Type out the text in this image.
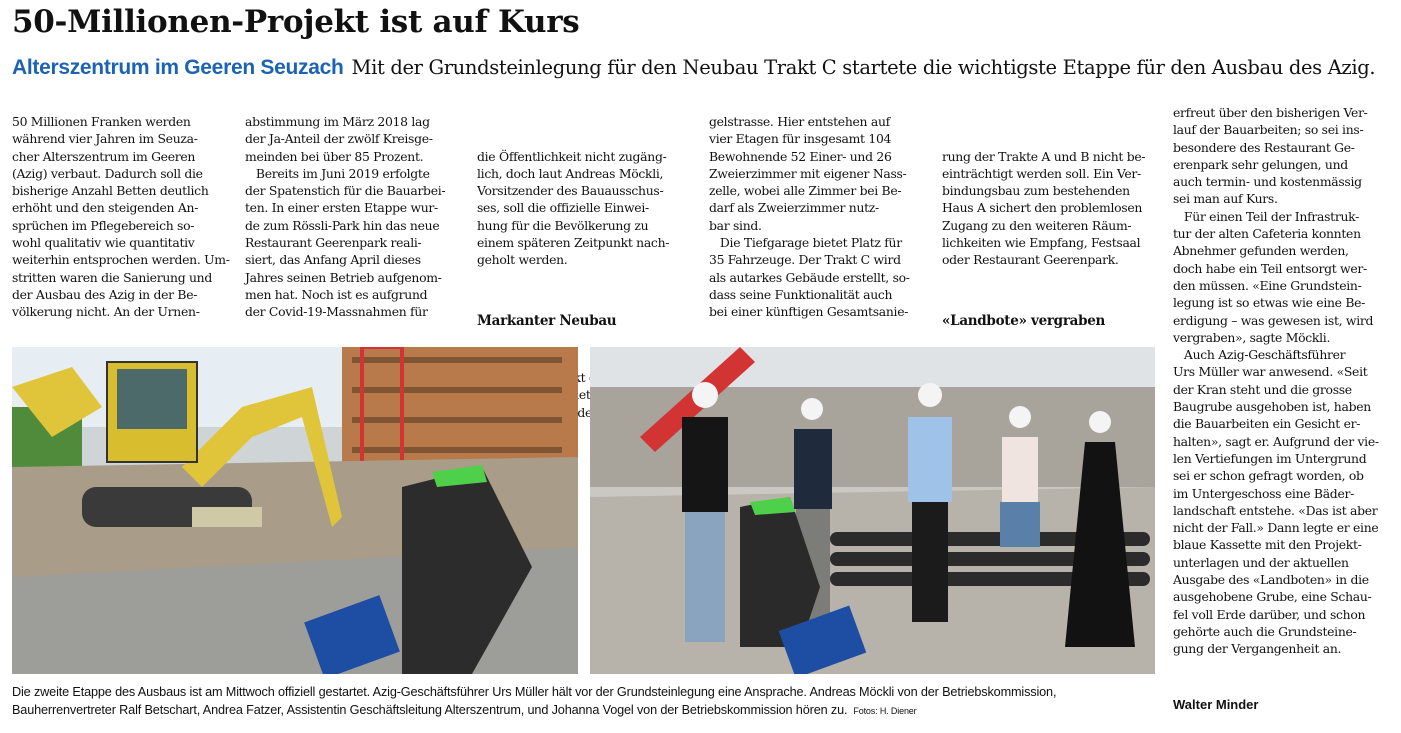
50-Millionen-Projekt ist auf Kurs
Alterszentrum im Geeren Seuzach Mit der Grundsteinlegung für den Neubau Trakt C startete die wichtigste Etappe für den Ausbau des Azig.

50 Millionen Franken werden
während vier Jahren im Seuza-
cher Alterszentrum im Geeren
(Azig) verbaut. Dadurch soll die
bisherige Anzahl Betten deutlich
erhöht und den steigenden An-
sprüchen im Pflegebereich so-
wohl qualitativ wie quantitativ
weiterhin entsprochen werden. Um-
stritten waren die Sanierung und
der Ausbau des Azig in der Be-
völkerung nicht. An der Urnen-

abstimmung im März 2018 lag
der Ja-Anteil der zwölf Kreisge-
meinden bei über 85 Prozent.
Bereits im Juni 2019 erfolgte
der Spatenstich für die Bauarbei-
ten. In einer ersten Etappe wur-
de zum Rössli-Park hin das neue
Restaurant Geerenpark reali-
siert, das Anfang April dieses
Jahres seinen Betrieb aufgenom-
men hat. Noch ist es aufgrund
der Covid-19-Massnahmen für

die Öffentlichkeit nicht zugäng-
lich, doch laut Andreas Möckli,
Vorsitzender des Bauausschus-
ses, soll die offizielle Einwei-
hung für die Bevölkerung zu
einem späteren Zeitpunkt nach-
geholt werden.

Markanter Neubau

der

gelstrasse. Hier entstehen auf
vier Etagen für insgesamt 104
Bewohnende 52 Einer- und 26
Zweierzimmer mit eigener Nass-
zelle, wobei alle Zimmer bei Be-
darf als Zweierzimmer nutz-
bar sind.
Die Tiefgarage bietet Platz für
35 Fahrzeuge. Der Trakt C wird
als autarkes Gebäude erstellt, so-
dass seine Funktionalität auch
bei einer künftigen Gesamtsanie-

rung der Trakte A und B nicht be-
einträchtigt werden soll. Ein Ver-
bindungsbau zum bestehenden
Haus A sichert den problemlosen
Zugang zu den weiteren Räum-
lichkeiten wie Empfang, Festsaal
oder Restaurant Geerenpark.

«Landbote» vergraben

erfreut über den bisherigen Ver-
lauf der Bauarbeiten; so sei ins-
besondere des Restaurant Ge-
erenpark sehr gelungen, und
auch termin- und kostenmässig
sei man auf Kurs.
Für einen Teil der Infrastruk-
tur der alten Cafeteria konnten
Abnehmer gefunden werden,
doch habe ein Teil entsorgt wer-
den müssen. «Eine Grundstein-
legung ist so etwas wie eine Be-
erdigung – was gewesen ist, wird
vergraben», sagte Möckli.
Auch Azig-Geschäftsführer
Urs Müller war anwesend. «Seit
der Kran steht und die grosse
Baugrube ausgehoben ist, haben
die Bauarbeiten ein Gesicht er-
halten», sagt er. Aufgrund der vie-
len Vertiefungen im Untergrund
sei er schon gefragt worden, ob
im Untergeschoss eine Bäder-
landschaft entstehe. «Das ist aber
nicht der Fall.» Dann legte er eine
blaue Kassette mit den Projekt-
unterlagen und der aktuellen
Ausgabe des «Landboten» in die
ausgehobene Grube, eine Schau-
fel voll Erde darüber, und schon
gehörte auch die Grundsteine-
gung der Vergangenheit an.

Die zweite Etappe des Ausbaus ist am Mittwoch offiziell gestartet. Azig-Geschäftsführer Urs Müller hält vor der Grundsteinlegung eine Ansprache. Andreas Möckli von der Betriebskommission, Bauherrenvertreter Ralf Betschart, Andrea Fatzer, Assistentin Geschäftsleitung Alterszentrum, und Johanna Vogel von der Betriebskommission hören zu. Fotos: H. Diener	Walter Minder
